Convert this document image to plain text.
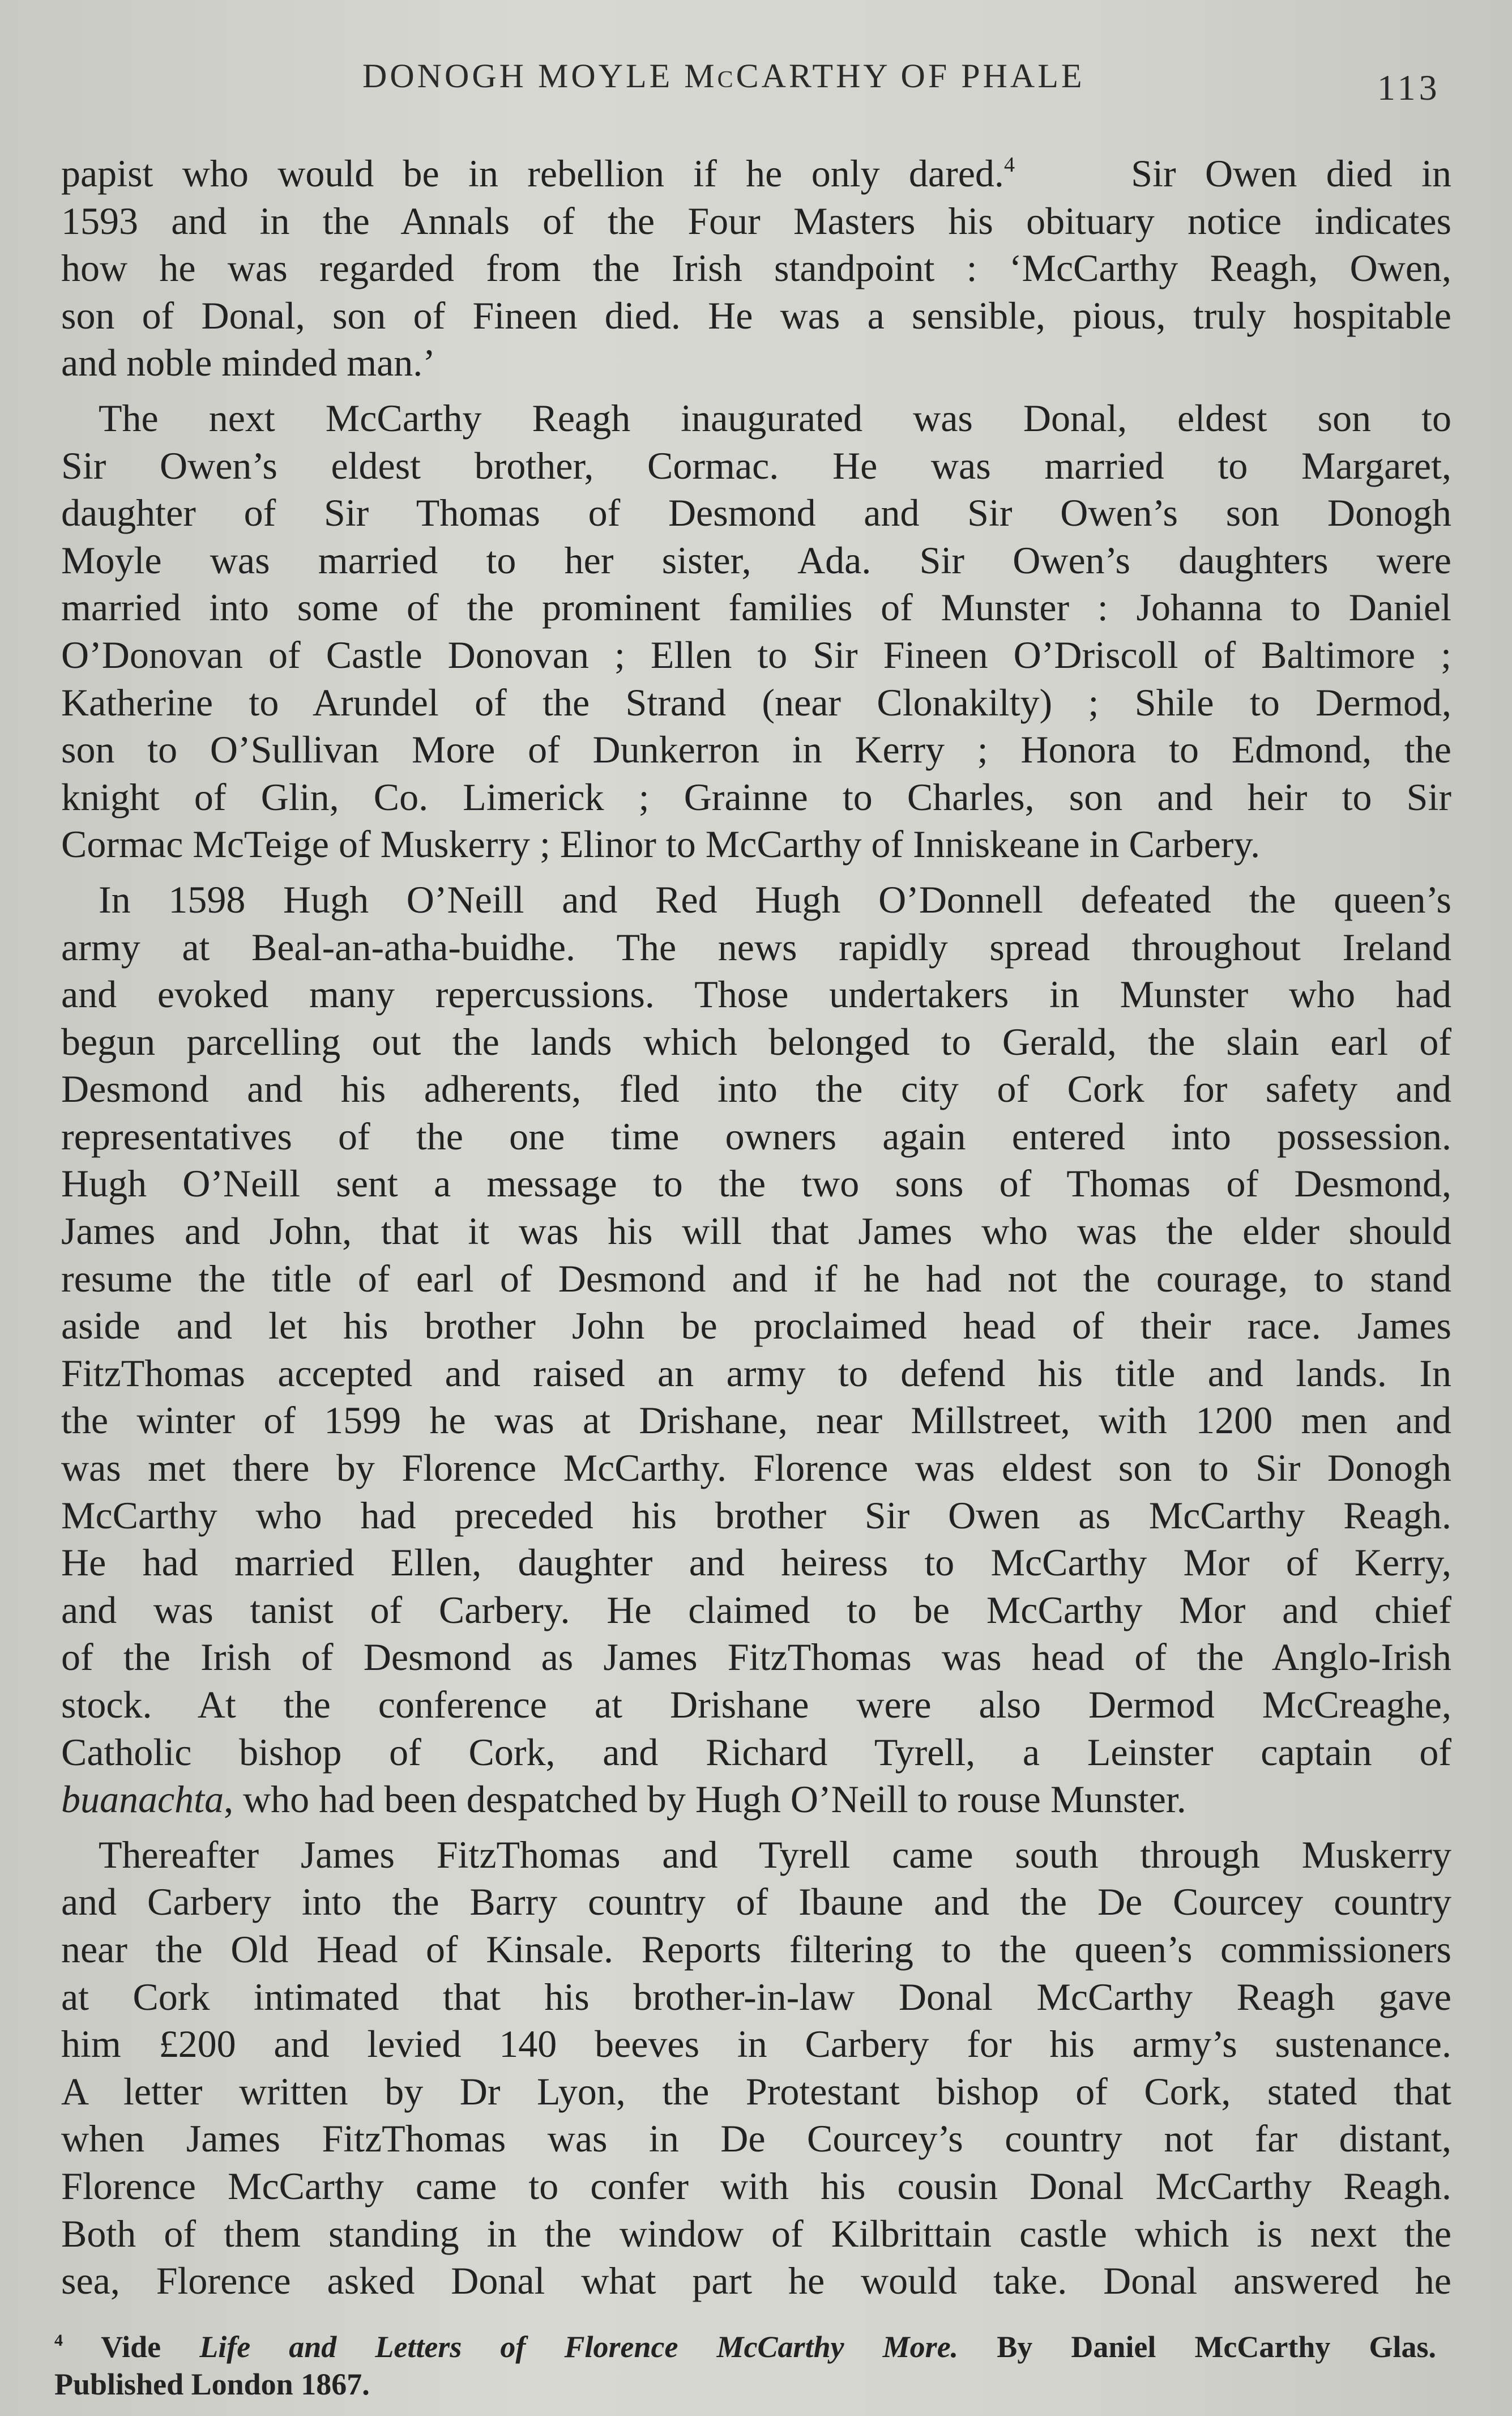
DONOGH MOYLE McCARTHY OF PHALE	113

papist who would be in rebellion if he only dared.$^4$	Sir Owen died in
1593 and in the Annals of the Four Masters his obituary notice indicates
how he was regarded from the Irish standpoint : ‘McCarthy Reagh, Owen,
son of Donal, son of Fineen died. He was a sensible, pious, truly hospitable
and noble minded man.’

The next McCarthy Reagh inaugurated was Donal, eldest son to
Sir Owen’s eldest brother, Cormac. He was married to Margaret,
daughter of Sir Thomas of Desmond and Sir Owen’s son Donogh
Moyle was married to her sister, Ada. Sir Owen’s daughters were
married into some of the prominent families of Munster : Johanna to Daniel
O’Donovan of Castle Donovan ; Ellen to Sir Fineen O’Driscoll of Baltimore ;
Katherine to Arundel of the Strand (near Clonakilty) ; Shile to Dermod,
son to O’Sullivan More of Dunkerron in Kerry ; Honora to Edmond, the
knight of Glin, Co. Limerick ; Grainne to Charles, son and heir to Sir
Cormac McTeige of Muskerry ; Elinor to McCarthy of Inniskeane in Carbery.

In 1598 Hugh O’Neill and Red Hugh O’Donnell defeated the queen’s
army at Beal-an-atha-buidhe. The news rapidly spread throughout Ireland
and evoked many repercussions. Those undertakers in Munster who had
begun parcelling out the lands which belonged to Gerald, the slain earl of
Desmond and his adherents, fled into the city of Cork for safety and
representatives of the one time owners again entered into possession.
Hugh O’Neill sent a message to the two sons of Thomas of Desmond,
James and John, that it was his will that James who was the elder should
resume the title of earl of Desmond and if he had not the courage, to stand
aside and let his brother John be proclaimed head of their race. James
FitzThomas accepted and raised an army to defend his title and lands. In
the winter of 1599 he was at Drishane, near Millstreet, with 1200 men and
was met there by Florence McCarthy. Florence was eldest son to Sir Donogh
McCarthy who had preceded his brother Sir Owen as McCarthy Reagh.
He had married Ellen, daughter and heiress to McCarthy Mor of Kerry,
and was tanist of Carbery. He claimed to be McCarthy Mor and chief
of the Irish of Desmond as James FitzThomas was head of the Anglo-Irish
stock. At the conference at Drishane were also Dermod McCreaghe,
Catholic bishop of Cork, and Richard Tyrell, a Leinster captain of
buanachta, who had been despatched by Hugh O’Neill to rouse Munster.

Thereafter James FitzThomas and Tyrell came south through Muskerry
and Carbery into the Barry country of Ibaune and the De Courcey country
near the Old Head of Kinsale. Reports filtering to the queen’s commissioners
at Cork intimated that his brother-in-law Donal McCarthy Reagh gave
him £200 and levied 140 beeves in Carbery for his army’s sustenance.
A letter written by Dr Lyon, the Protestant bishop of Cork, stated that
when James FitzThomas was in De Courcey’s country not far distant,
Florence McCarthy came to confer with his cousin Donal McCarthy Reagh.
Both of them standing in the window of Kilbrittain castle which is next the
sea, Florence asked Donal what part he would take. Donal answered he

$^4$ Vide Life and Letters of Florence McCarthy More. By Daniel McCarthy Glas.
Published London 1867.
